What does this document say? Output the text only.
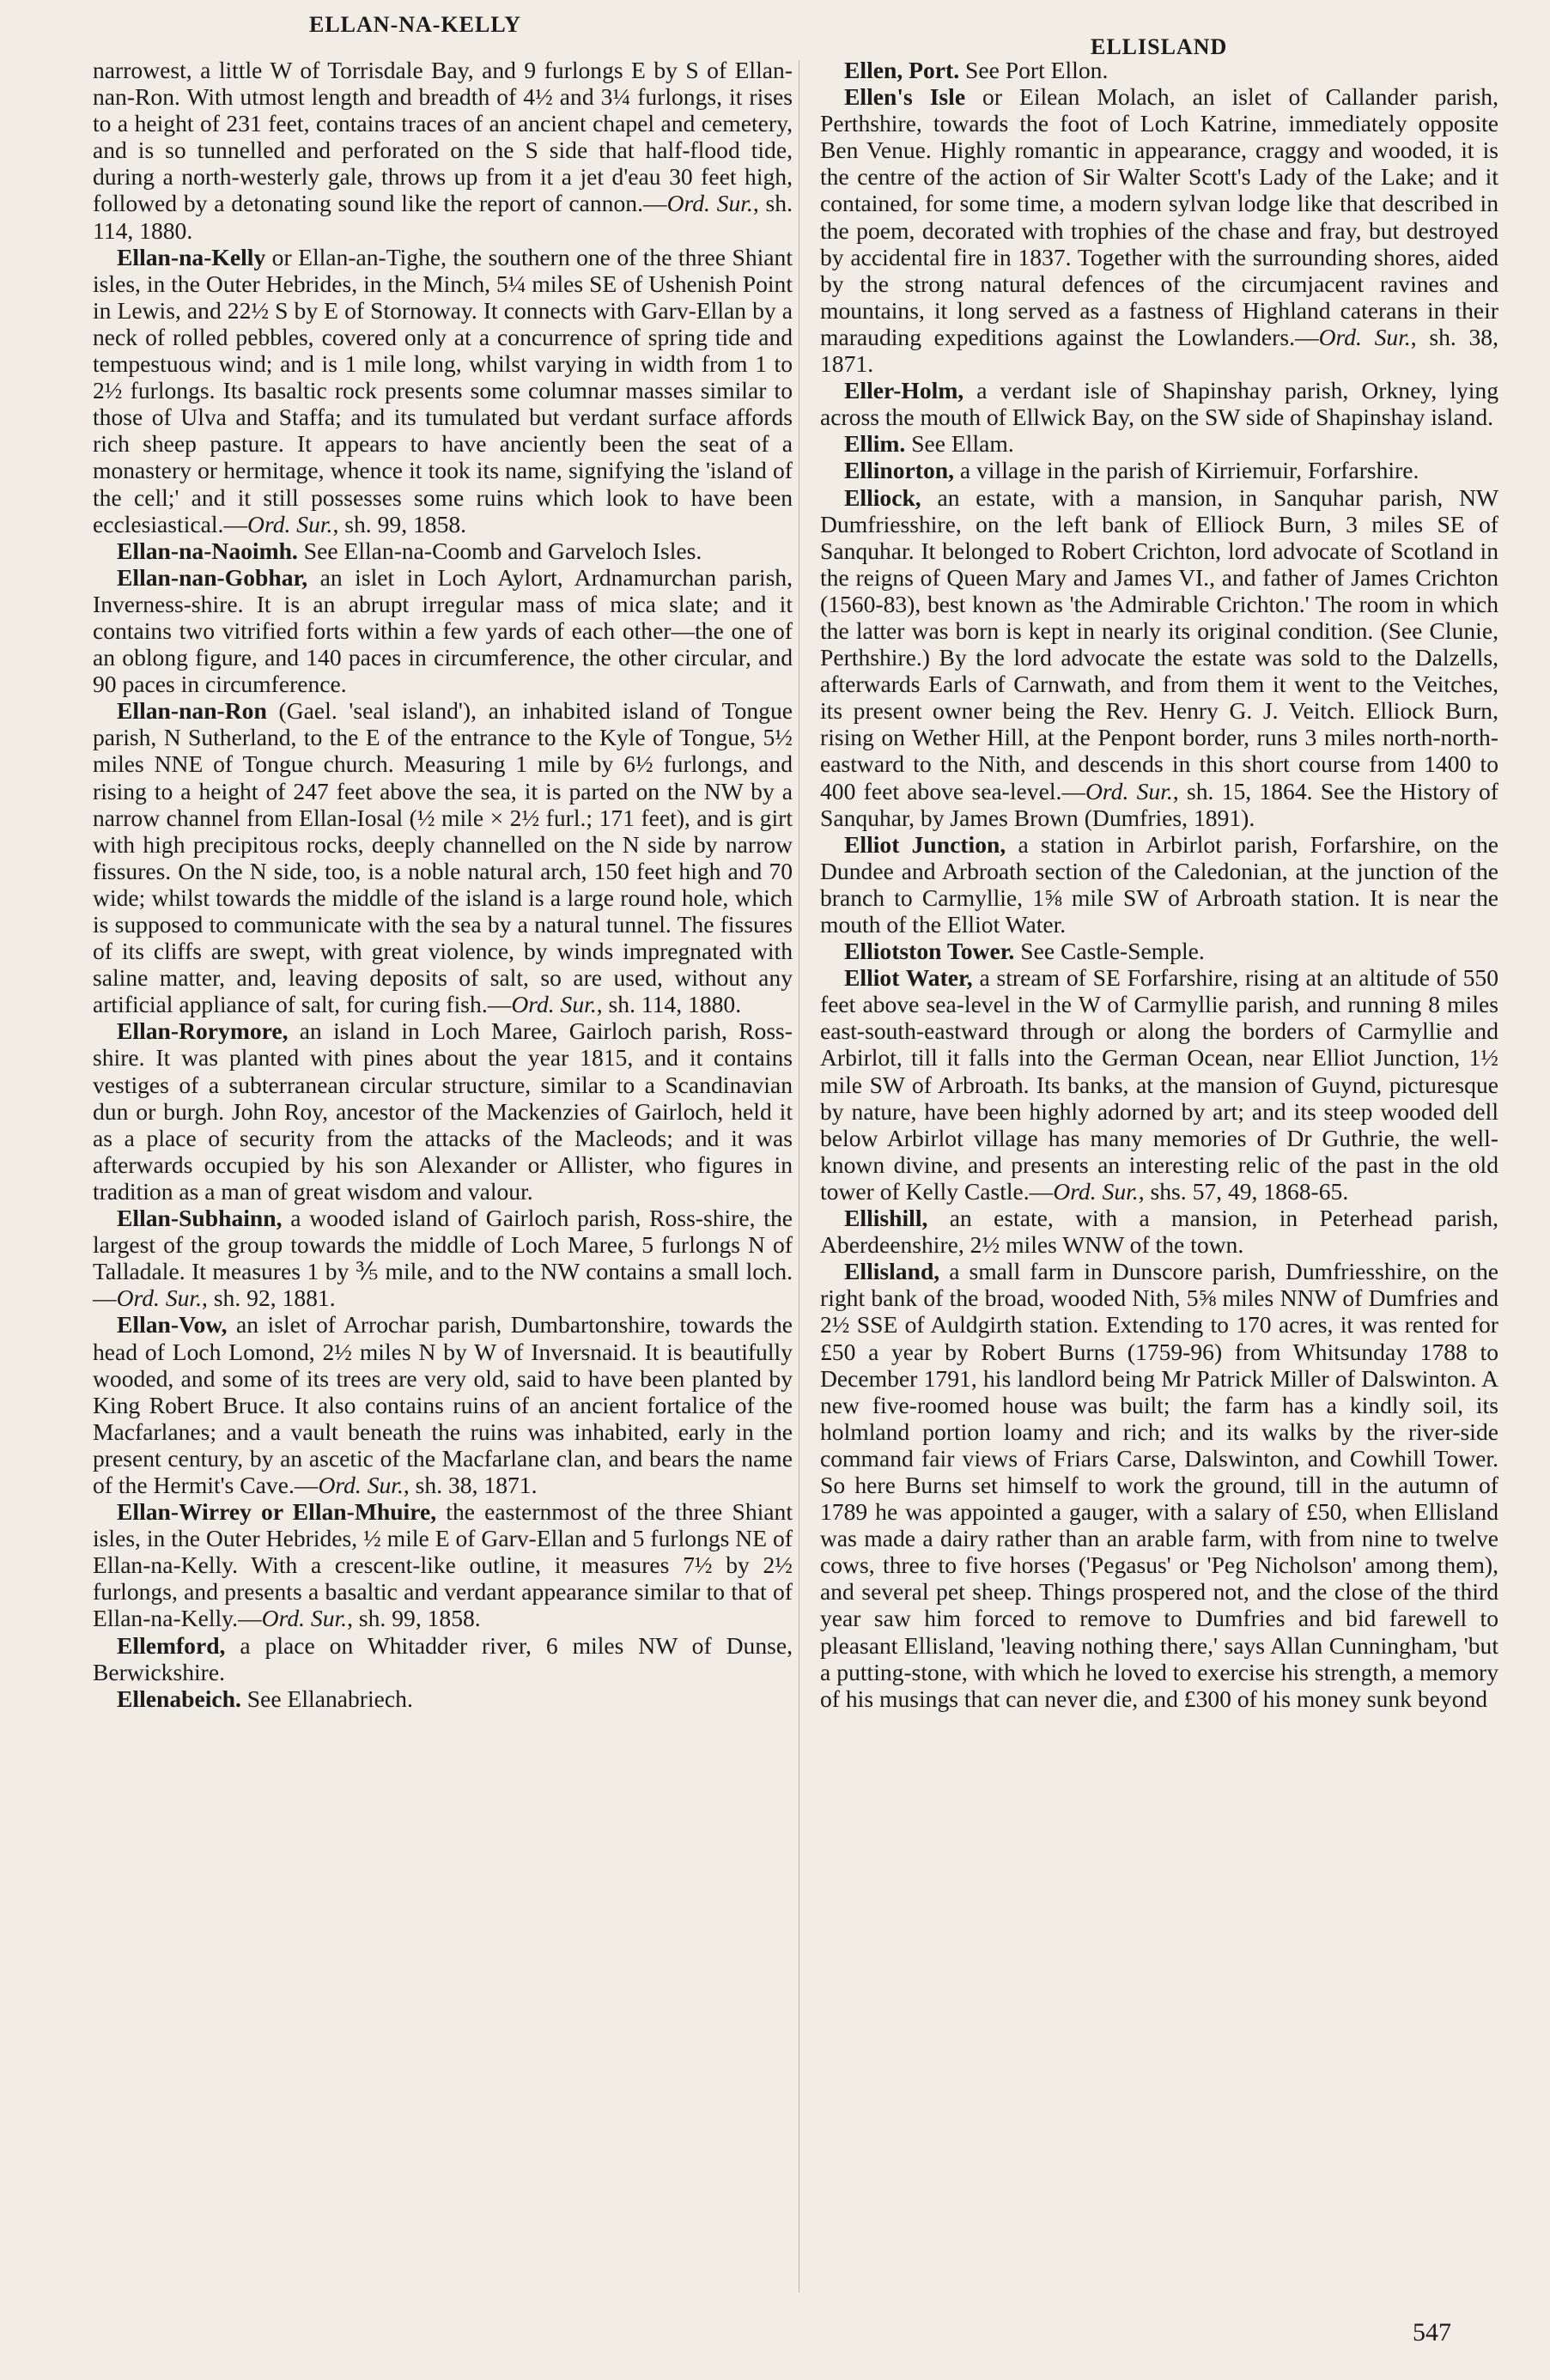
ELLAN-NA-KELLY
ELLISLAND

narrowest, a little W of Torrisdale Bay, and 9 furlongs E by S of Ellan-nan-Ron. With utmost length and breadth of 4½ and 3¼ furlongs, it rises to a height of 231 feet, contains traces of an ancient chapel and cemetery, and is so tunnelled and perforated on the S side that half-flood tide, during a north-westerly gale, throws up from it a jet d'eau 30 feet high, followed by a detonating sound like the report of cannon.—Ord. Sur., sh. 114, 1880.

Ellan-na-Kelly or Ellan-an-Tighe, the southern one of the three Shiant isles, in the Outer Hebrides, in the Minch, 5¼ miles SE of Ushenish Point in Lewis, and 22½ S by E of Stornoway. It connects with Garv-Ellan by a neck of rolled pebbles, covered only at a concurrence of spring tide and tempestuous wind; and is 1 mile long, whilst varying in width from 1 to 2½ furlongs. Its basaltic rock presents some columnar masses similar to those of Ulva and Staffa; and its tumulated but verdant surface affords rich sheep pasture. It appears to have anciently been the seat of a monastery or hermitage, whence it took its name, signifying the 'island of the cell;' and it still possesses some ruins which look to have been ecclesiastical.—Ord. Sur., sh. 99, 1858.

Ellan-na-Naoimh. See Ellan-na-Coomb and Garveloch Isles.

Ellan-nan-Gobhar, an islet in Loch Aylort, Ardnamurchan parish, Inverness-shire. It is an abrupt irregular mass of mica slate; and it contains two vitrified forts within a few yards of each other—the one of an oblong figure, and 140 paces in circumference, the other circular, and 90 paces in circumference.

Ellan-nan-Ron (Gael. 'seal island'), an inhabited island of Tongue parish, N Sutherland, to the E of the entrance to the Kyle of Tongue, 5½ miles NNE of Tongue church. Measuring 1 mile by 6½ furlongs, and rising to a height of 247 feet above the sea, it is parted on the NW by a narrow channel from Ellan-Iosal (½ mile × 2½ furl.; 171 feet), and is girt with high precipitous rocks, deeply channelled on the N side by narrow fissures. On the N side, too, is a noble natural arch, 150 feet high and 70 wide; whilst towards the middle of the island is a large round hole, which is supposed to communicate with the sea by a natural tunnel. The fissures of its cliffs are swept, with great violence, by winds impregnated with saline matter, and, leaving deposits of salt, so are used, without any artificial appliance of salt, for curing fish.—Ord. Sur., sh. 114, 1880.

Ellan-Rorymore, an island in Loch Maree, Gairloch parish, Ross-shire. It was planted with pines about the year 1815, and it contains vestiges of a subterranean circular structure, similar to a Scandinavian dun or burgh. John Roy, ancestor of the Mackenzies of Gairloch, held it as a place of security from the attacks of the Macleods; and it was afterwards occupied by his son Alexander or Allister, who figures in tradition as a man of great wisdom and valour.

Ellan-Subhainn, a wooded island of Gairloch parish, Ross-shire, the largest of the group towards the middle of Loch Maree, 5 furlongs N of Talladale. It measures 1 by ⅗ mile, and to the NW contains a small loch.—Ord. Sur., sh. 92, 1881.

Ellan-Vow, an islet of Arrochar parish, Dumbartonshire, towards the head of Loch Lomond, 2½ miles N by W of Inversnaid. It is beautifully wooded, and some of its trees are very old, said to have been planted by King Robert Bruce. It also contains ruins of an ancient fortalice of the Macfarlanes; and a vault beneath the ruins was inhabited, early in the present century, by an ascetic of the Macfarlane clan, and bears the name of the Hermit's Cave.—Ord. Sur., sh. 38, 1871.

Ellan-Wirrey or Ellan-Mhuire, the easternmost of the three Shiant isles, in the Outer Hebrides, ½ mile E of Garv-Ellan and 5 furlongs NE of Ellan-na-Kelly. With a crescent-like outline, it measures 7½ by 2½ furlongs, and presents a basaltic and verdant appearance similar to that of Ellan-na-Kelly.—Ord. Sur., sh. 99, 1858.

Ellemford, a place on Whitadder river, 6 miles NW of Dunse, Berwickshire.

Ellenabeich. See Ellanabriech.

Ellen, Port. See Port Ellon.

Ellen's Isle or Eilean Molach, an islet of Callander parish, Perthshire, towards the foot of Loch Katrine, immediately opposite Ben Venue. Highly romantic in appearance, craggy and wooded, it is the centre of the action of Sir Walter Scott's Lady of the Lake; and it contained, for some time, a modern sylvan lodge like that described in the poem, decorated with trophies of the chase and fray, but destroyed by accidental fire in 1837. Together with the surrounding shores, aided by the strong natural defences of the circumjacent ravines and mountains, it long served as a fastness of Highland caterans in their marauding expeditions against the Lowlanders.—Ord. Sur., sh. 38, 1871.

Eller-Holm, a verdant isle of Shapinshay parish, Orkney, lying across the mouth of Ellwick Bay, on the SW side of Shapinshay island.

Ellim. See Ellam.

Ellinorton, a village in the parish of Kirriemuir, Forfarshire.

Elliock, an estate, with a mansion, in Sanquhar parish, NW Dumfriesshire, on the left bank of Elliock Burn, 3 miles SE of Sanquhar. It belonged to Robert Crichton, lord advocate of Scotland in the reigns of Queen Mary and James VI., and father of James Crichton (1560-83), best known as 'the Admirable Crichton.' The room in which the latter was born is kept in nearly its original condition. (See Clunie, Perthshire.) By the lord advocate the estate was sold to the Dalzells, afterwards Earls of Carnwath, and from them it went to the Veitches, its present owner being the Rev. Henry G. J. Veitch. Elliock Burn, rising on Wether Hill, at the Penpont border, runs 3 miles north-north-eastward to the Nith, and descends in this short course from 1400 to 400 feet above sea-level.—Ord. Sur., sh. 15, 1864. See the History of Sanquhar, by James Brown (Dumfries, 1891).

Elliot Junction, a station in Arbirlot parish, Forfarshire, on the Dundee and Arbroath section of the Caledonian, at the junction of the branch to Carmyllie, 1⅝ mile SW of Arbroath station. It is near the mouth of the Elliot Water.

Elliotston Tower. See Castle-Semple.

Elliot Water, a stream of SE Forfarshire, rising at an altitude of 550 feet above sea-level in the W of Carmyllie parish, and running 8 miles east-south-eastward through or along the borders of Carmyllie and Arbirlot, till it falls into the German Ocean, near Elliot Junction, 1½ mile SW of Arbroath. Its banks, at the mansion of Guynd, picturesque by nature, have been highly adorned by art; and its steep wooded dell below Arbirlot village has many memories of Dr Guthrie, the well-known divine, and presents an interesting relic of the past in the old tower of Kelly Castle.—Ord. Sur., shs. 57, 49, 1868-65.

Ellishill, an estate, with a mansion, in Peterhead parish, Aberdeenshire, 2½ miles WNW of the town.

Ellisland, a small farm in Dunscore parish, Dumfriesshire, on the right bank of the broad, wooded Nith, 5⅝ miles NNW of Dumfries and 2½ SSE of Auldgirth station. Extending to 170 acres, it was rented for £50 a year by Robert Burns (1759-96) from Whitsunday 1788 to December 1791, his landlord being Mr Patrick Miller of Dalswinton. A new five-roomed house was built; the farm has a kindly soil, its holmland portion loamy and rich; and its walks by the river-side command fair views of Friars Carse, Dalswinton, and Cowhill Tower. So here Burns set himself to work the ground, till in the autumn of 1789 he was appointed a gauger, with a salary of £50, when Ellisland was made a dairy rather than an arable farm, with from nine to twelve cows, three to five horses ('Pegasus' or 'Peg Nicholson' among them), and several pet sheep. Things prospered not, and the close of the third year saw him forced to remove to Dumfries and bid farewell to pleasant Ellisland, 'leaving nothing there,' says Allan Cunningham, 'but a putting-stone, with which he loved to exercise his strength, a memory of his musings that can never die, and £300 of his money sunk beyond

547
